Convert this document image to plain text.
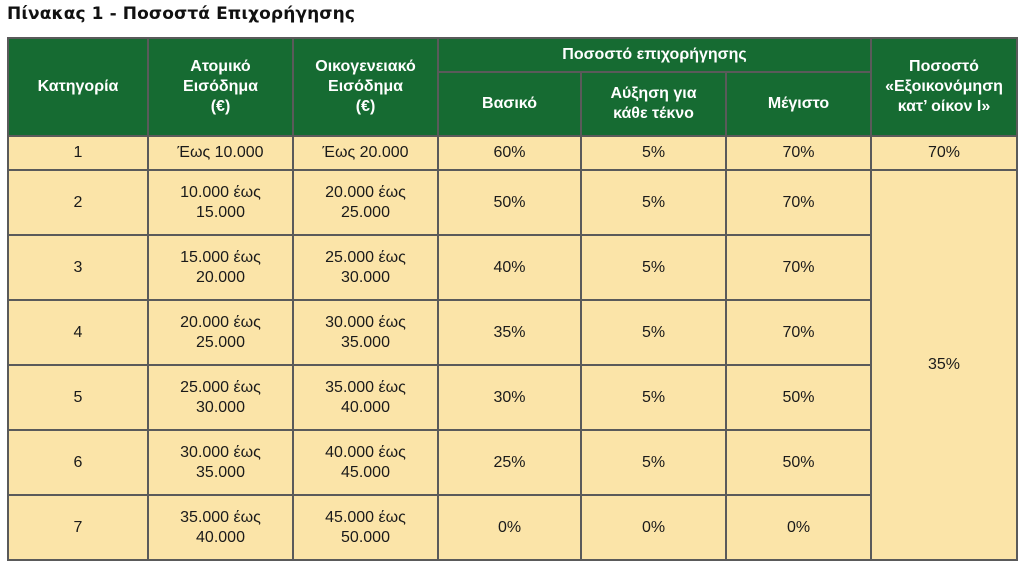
Πίνακας 1 - Ποσοστά Επιχορήγησης
Κατηγορία	Ατομικό
Εισόδημα
(€)	Οικογενειακό
Εισόδημα
(€)	Ποσοστό επιχορήγησης			Ποσοστό
«Εξοικονόμηση
κατ’ οίκον Ι»
			Βασικό	Αύξηση για
κάθε τέκνο	Μέγιστο	
1	Έως 10.000	Έως 20.000	60%	5%	70%	70%
2	10.000 έως
15.000	20.000 έως
25.000	50%	5%	70%	35%
3	15.000 έως
20.000	25.000 έως
30.000	40%	5%	70%	
4	20.000 έως
25.000	30.000 έως
35.000	35%	5%	70%	
5	25.000 έως
30.000	35.000 έως
40.000	30%	5%	50%	
6	30.000 έως
35.000	40.000 έως
45.000	25%	5%	50%	
7	35.000 έως
40.000	45.000 έως
50.000	0%	0%	0%	
